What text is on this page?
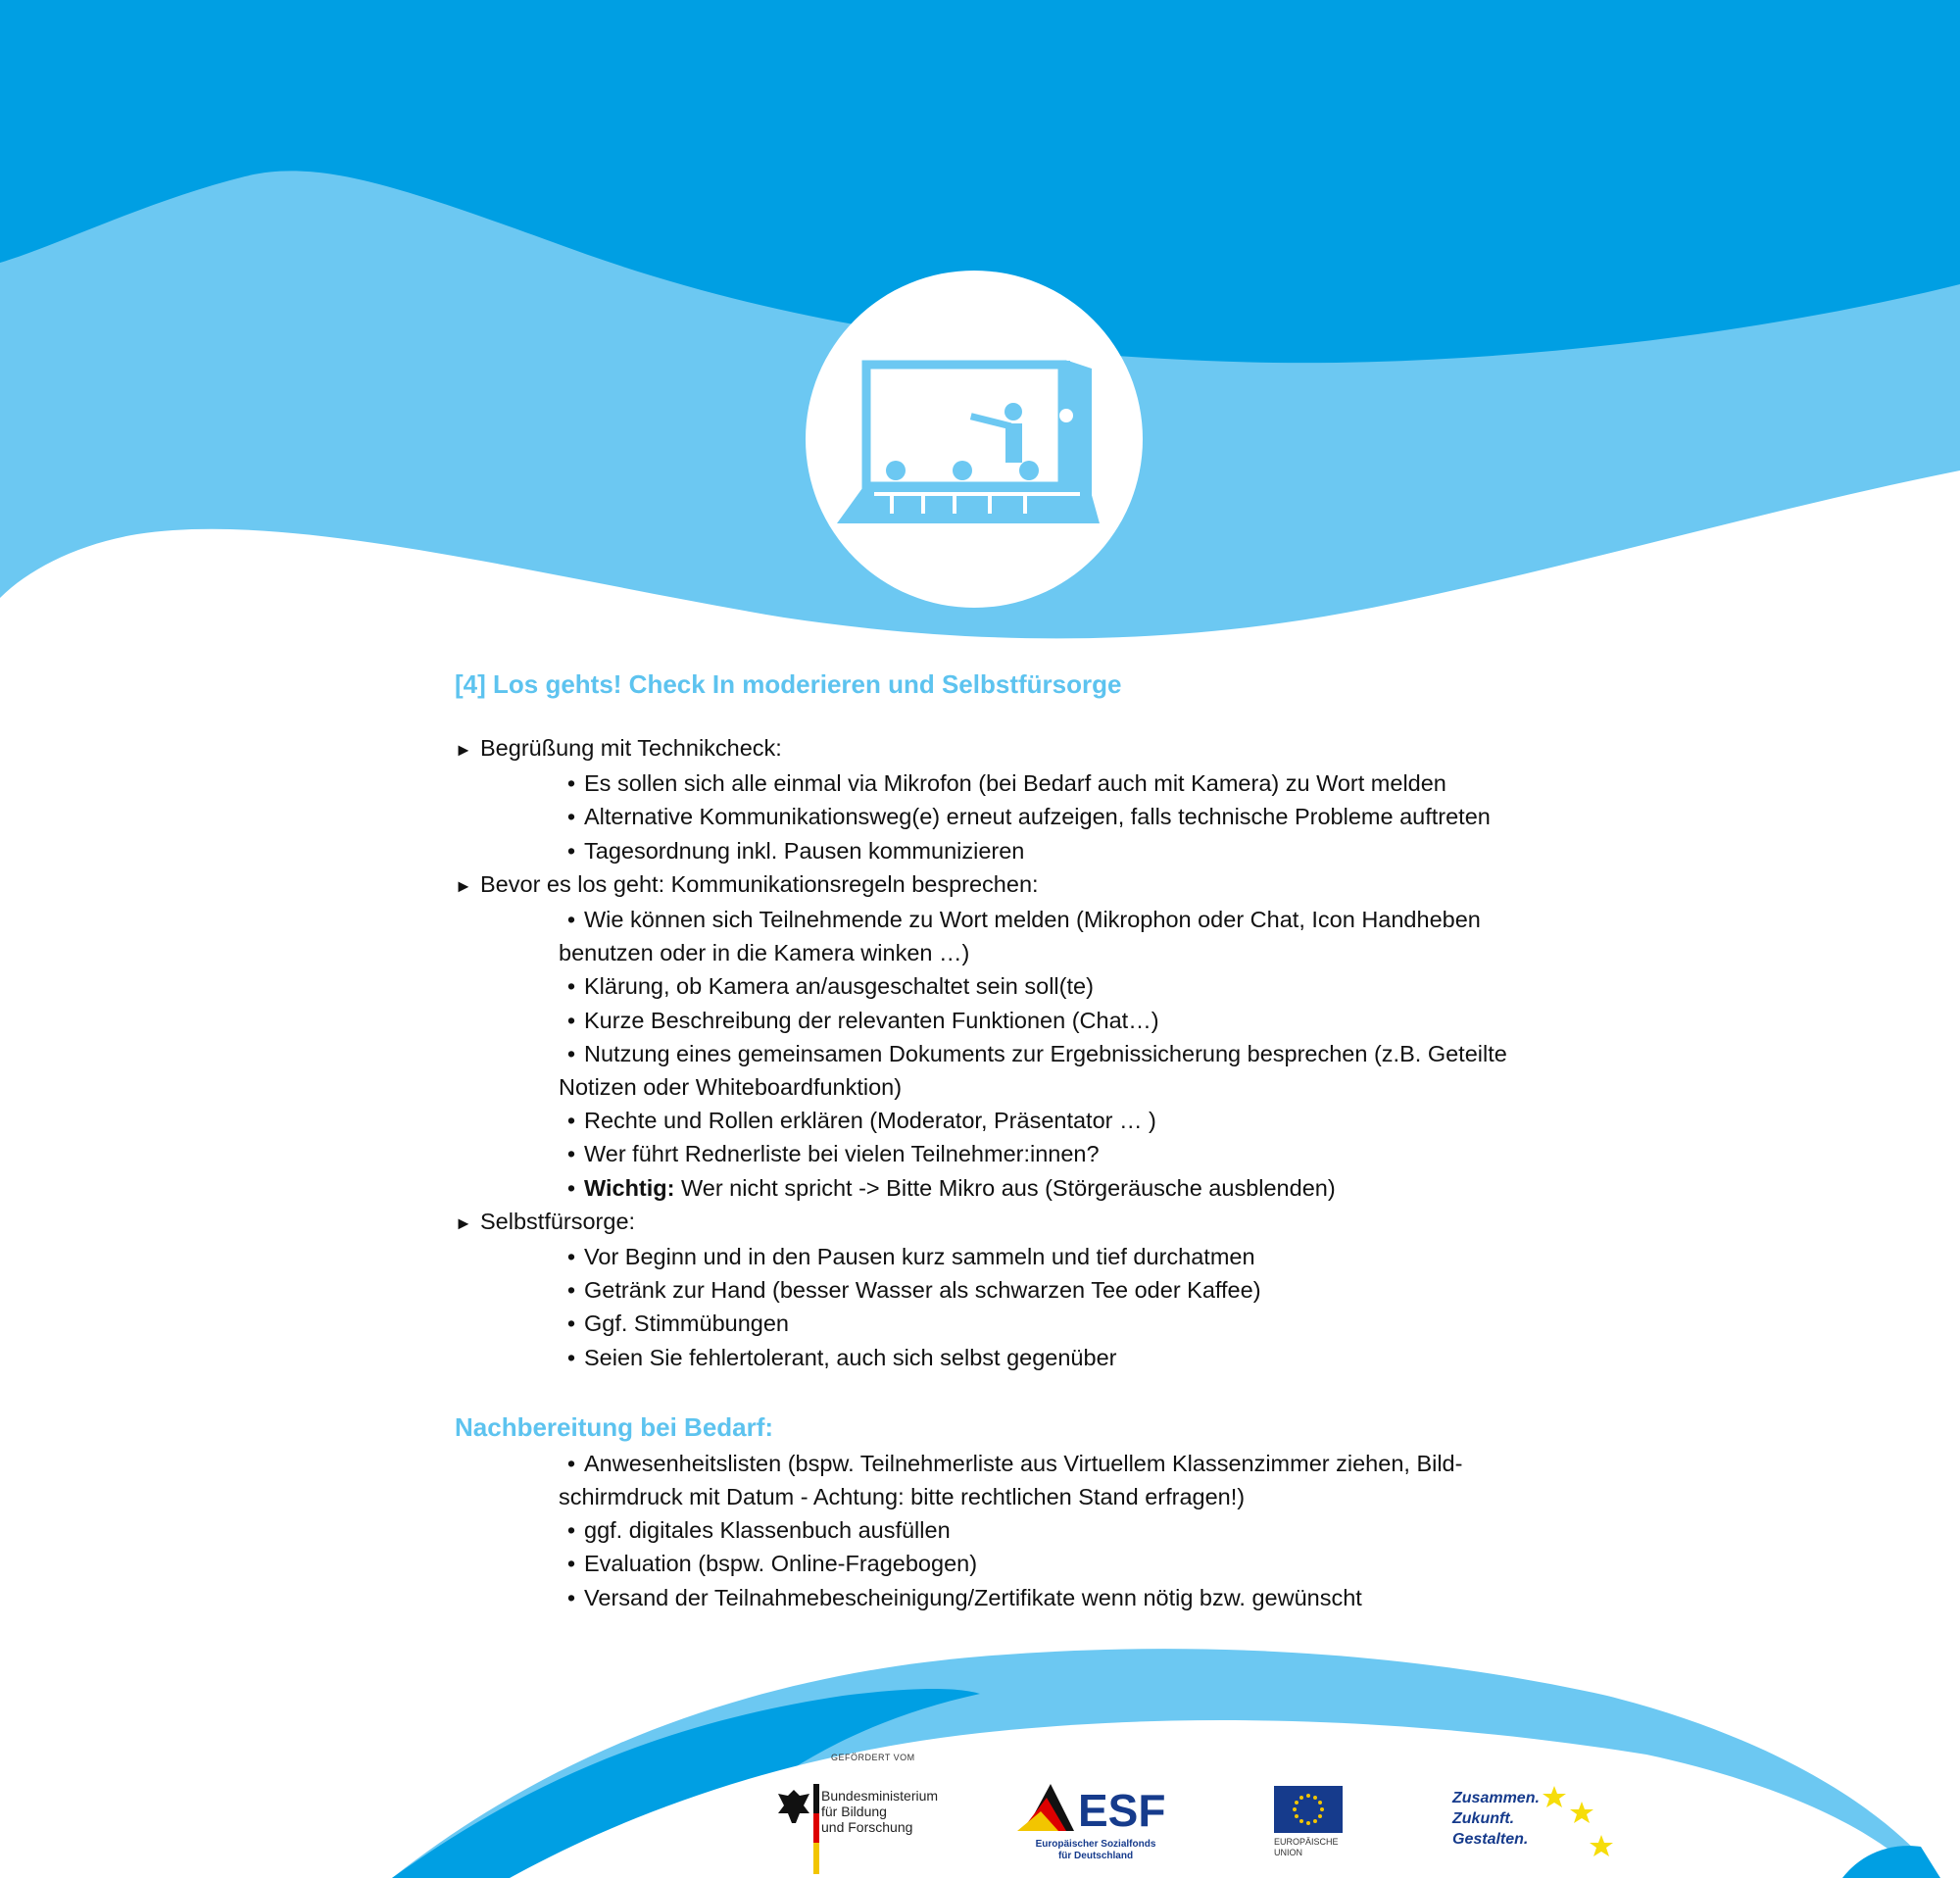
[4] Los gehts! Check In moderieren und Selbstfürsorge
► Begrüßung mit Technikcheck:
• Es sollen sich alle einmal via Mikrofon (bei Bedarf auch mit Kamera) zu Wort melden
• Alternative Kommunikationsweg(e) erneut aufzeigen, falls technische Probleme auftreten
• Tagesordnung inkl. Pausen kommunizieren
► Bevor es los geht: Kommunikationsregeln besprechen:
• Wie können sich Teilnehmende zu Wort melden (Mikrophon oder Chat, Icon Handheben
benutzen oder in die Kamera winken …)
• Klärung, ob Kamera an/ausgeschaltet sein soll(te)
• Kurze Beschreibung der relevanten Funktionen (Chat…)
• Nutzung eines gemeinsamen Dokuments zur Ergebnissicherung besprechen (z.B. Geteilte
Notizen oder Whiteboardfunktion)
• Rechte und Rollen erklären (Moderator, Präsentator … )
• Wer führt Rednerliste bei vielen Teilnehmer:innen?
• Wichtig: Wer nicht spricht -> Bitte Mikro aus (Störgeräusche ausblenden)
► Selbstfürsorge:
• Vor Beginn und in den Pausen kurz sammeln und tief durchatmen
• Getränk zur Hand (besser Wasser als schwarzen Tee oder Kaffee)
• Ggf. Stimmübungen
• Seien Sie fehlertolerant, auch sich selbst gegenüber
Nachbereitung bei Bedarf:
• Anwesenheitslisten (bspw. Teilnehmerliste aus Virtuellem Klassenzimmer ziehen, Bild-
schirmdruck mit Datum - Achtung: bitte rechtlichen Stand erfragen!)
• ggf. digitales Klassenbuch ausfüllen
• Evaluation (bspw. Online-Fragebogen)
• Versand der Teilnahmebescheinigung/Zertifikate wenn nötig bzw. gewünscht
GEFÖRDERT VOM
Bundesministerium
für Bildung
und Forschung	ESF
Europäischer Sozialfonds
für Deutschland
EUROPÄISCHE
UNION
Zusammen.
Zukunft.
Gestalten.
